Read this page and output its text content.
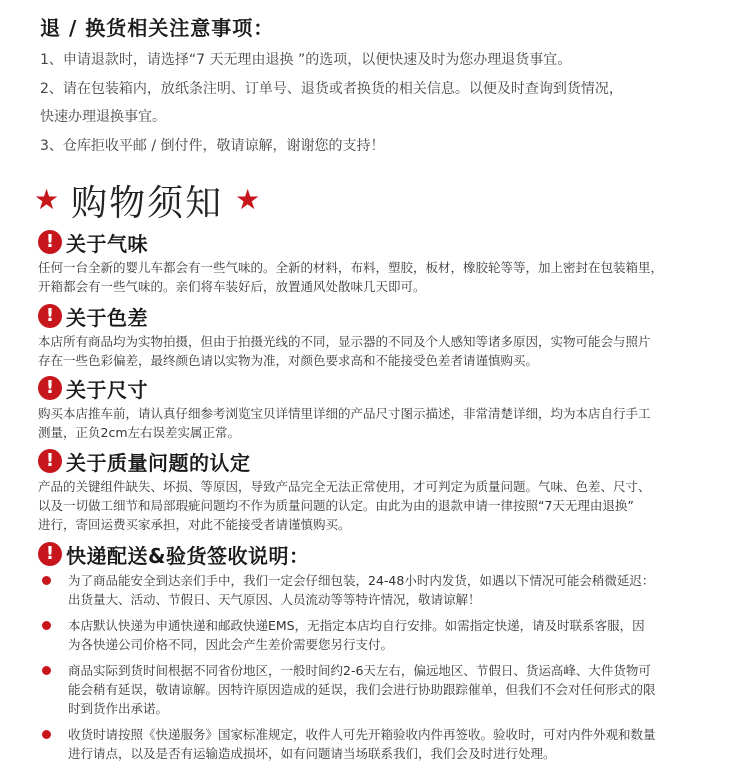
退 / 换货相关注意事项：
1、申请退款时，请选择“7 天无理由退换 ”的选项，以便快速及时为您办理退货事宜。
2、请在包装箱内，放纸条注明、订单号、退货或者换货的相关信息。以便及时查询到货情况，
快速办理退换事宜。
3、仓库拒收平邮 / 倒付件，敬请谅解，谢谢您的支持！
★ 购物须知 ★
! 关于气味
任何一台全新的婴儿车都会有一些气味的。全新的材料，布料，塑胶，板材，橡胶轮等等，加上密封在包装箱里，
开箱都会有一些气味的。亲们将车装好后，放置通风处散味几天即可。
! 关于色差
本店所有商品均为实物拍摄，但由于拍摄光线的不同，显示器的不同及个人感知等诸多原因，实物可能会与照片
存在一些色彩偏差，最终颜色请以实物为准，对颜色要求高和不能接受色差者请谨慎购买。
! 关于尺寸
购买本店推车前，请认真仔细参考浏览宝贝详情里详细的产品尺寸图示描述，非常清楚详细，均为本店自行手工
测量，正负2cm左右误差实属正常。
! 关于质量问题的认定
产品的关键组件缺失、坏损、等原因，导致产品完全无法正常使用，才可判定为质量问题。气味、色差、尺寸、
以及一切做工细节和局部瑕疵问题均不作为质量问题的认定。由此为由的退款申请一律按照“7天无理由退换”
进行，寄回运费买家承担，对此不能接受者请谨慎购买。
! 快递配送&验货签收说明：
为了商品能安全到达亲们手中，我们一定会仔细包装，24-48小时内发货，如遇以下情况可能会稍微延迟：
出货量大、活动、节假日、天气原因、人员流动等等特许情况，敬请谅解！
本店默认快递为申通快递和邮政快递EMS，无指定本店均自行安排。如需指定快递，请及时联系客服，因
为各快递公司价格不同，因此会产生差价需要您另行支付。
商品实际到货时间根据不同省份地区，一般时间约2-6天左右，偏远地区、节假日、货运高峰、大件货物可
能会稍有延误，敬请谅解。因特许原因造成的延误，我们会进行协助跟踪催单，但我们不会对任何形式的限
时到货作出承诺。
收货时请按照《快递服务》国家标准规定，收件人可先开箱验收内件再签收。验收时，可对内件外观和数量
进行请点，以及是否有运输造成损坏，如有问题请当场联系我们，我们会及时进行处理。
